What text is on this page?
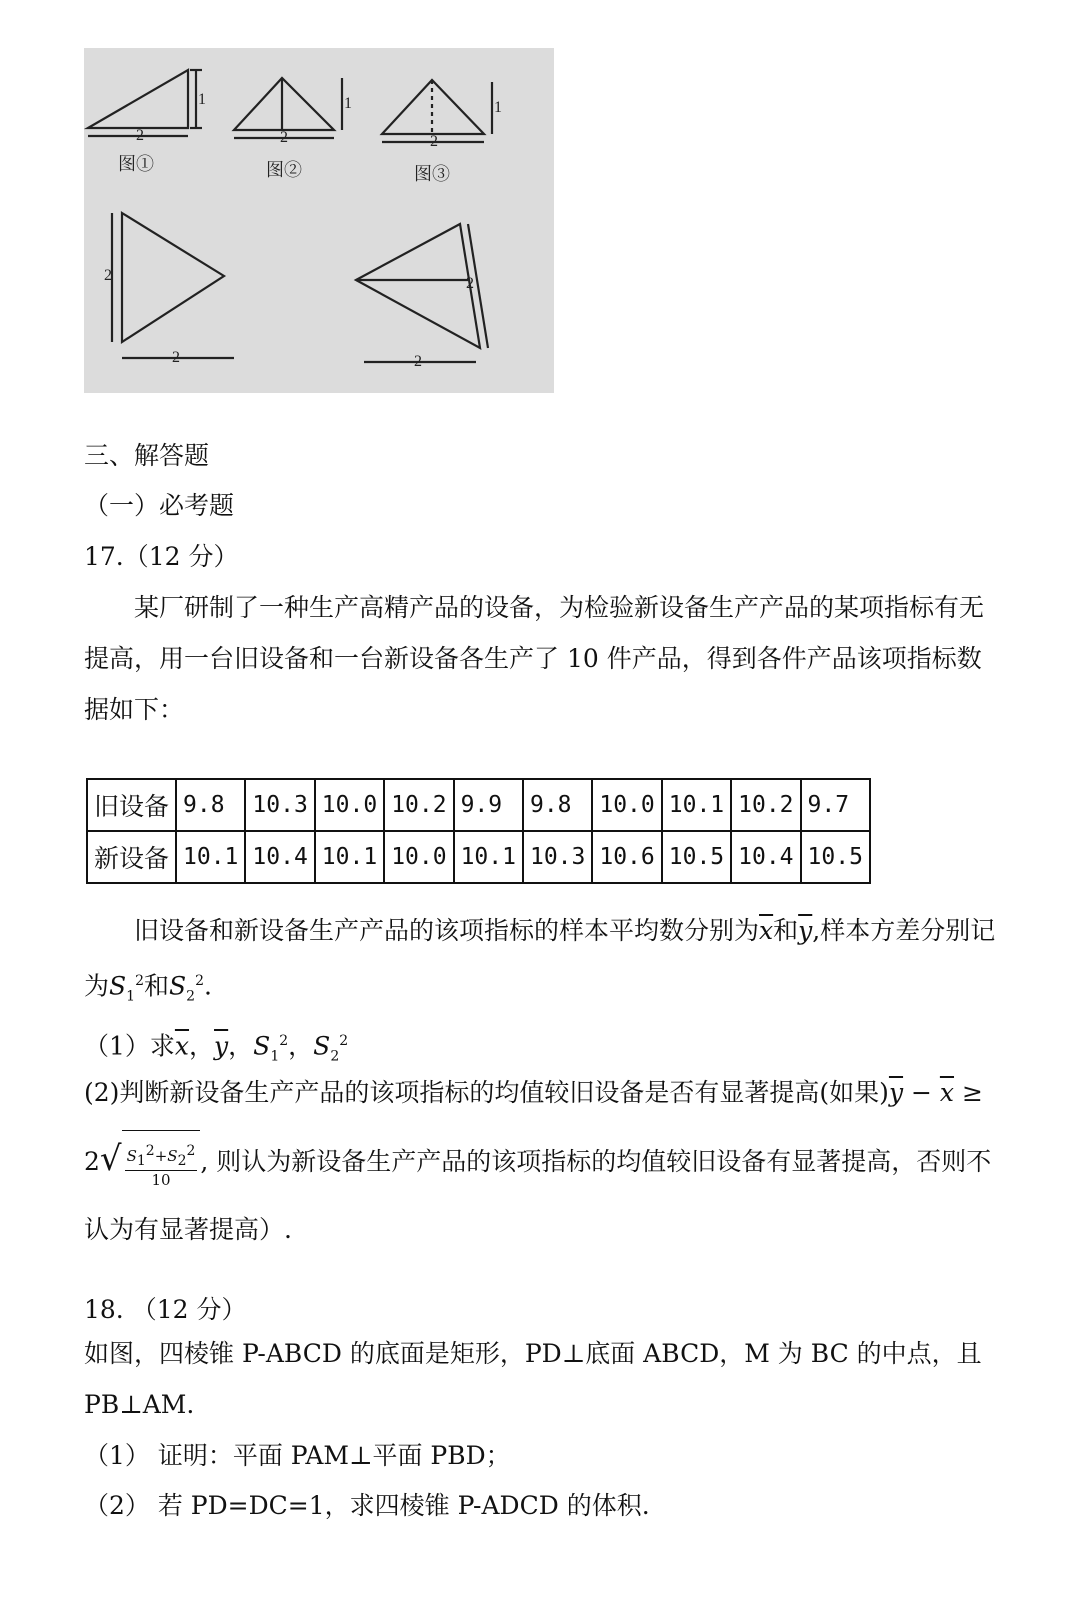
2
1
2
1
2
1
2
2
2
2
图①	图②	图③
三、解答题
（一）必考题
17.（12 分）
某厂研制了一种生产高精产品的设备，为检验新设备生产产品的某项指标有无提高，用一台旧设备和一台新设备各生产了 10 件产品，得到各件产品该项指标数据如下：
旧设备	9.8	10.3	10.0	10.2	9.9	9.8	10.0	10.1	10.2	9.7
新设备	10.1	10.4	10.1	10.0	10.1	10.3	10.6	10.5	10.4	10.5
旧设备和新设备生产产品的该项指标的样本平均数分别为$\overline{x}$和$\overline{y}$,样本方差分别记为$S_1^2$和$S_2^2$.
（1）求$\overline{x}$，$\overline{y}$，$S_1^2$，$S_2^2$
(2)判断新设备生产产品的该项指标的均值较旧设备是否有显著提高(如果)$\overline{y} - \overline{x} \ge 2√ \frac{S_1^2+S_2^2}{10}$ , 则认为新设备生产产品的该项指标的均值较旧设备有显著提高，否则不认为有显著提高）.
18. （12 分）
如图，四棱锥 P-ABCD 的底面是矩形，PD⊥底面 ABCD，M 为 BC 的中点，且 PB⊥AM.
（1） 证明：平面 PAM⊥平面 PBD；
（2） 若 PD=DC=1，求四棱锥 P-ADCD 的体积.
